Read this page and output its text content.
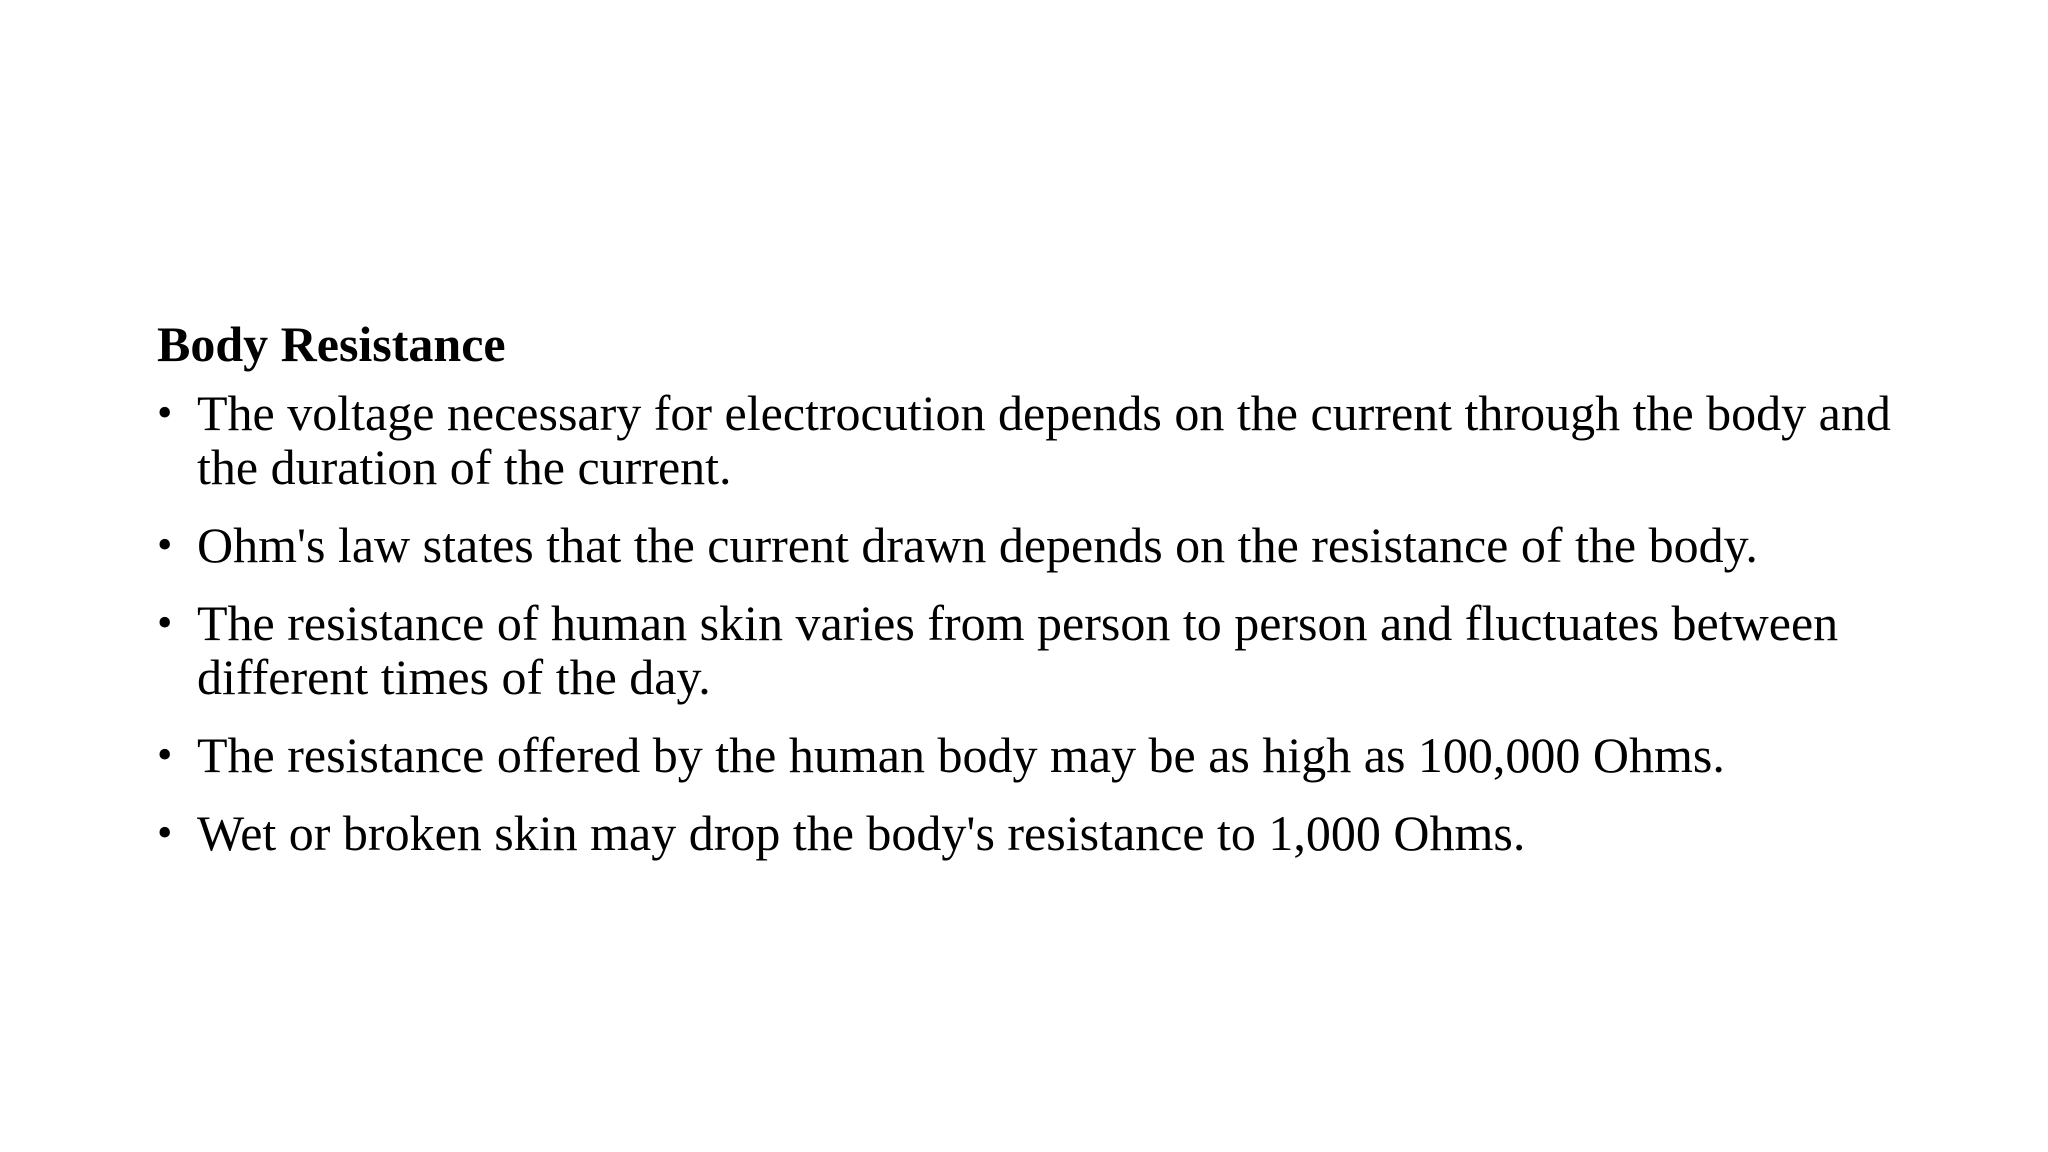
Body Resistance
• The voltage necessary for electrocution depends on the current through the body and the duration of the current.
• Ohm's law states that the current drawn depends on the resistance of the body.
• The resistance of human skin varies from person to person and fluctuates between different times of the day.
• The resistance offered by the human body may be as high as 100,000 Ohms.
• Wet or broken skin may drop the body's resistance to 1,000 Ohms.
